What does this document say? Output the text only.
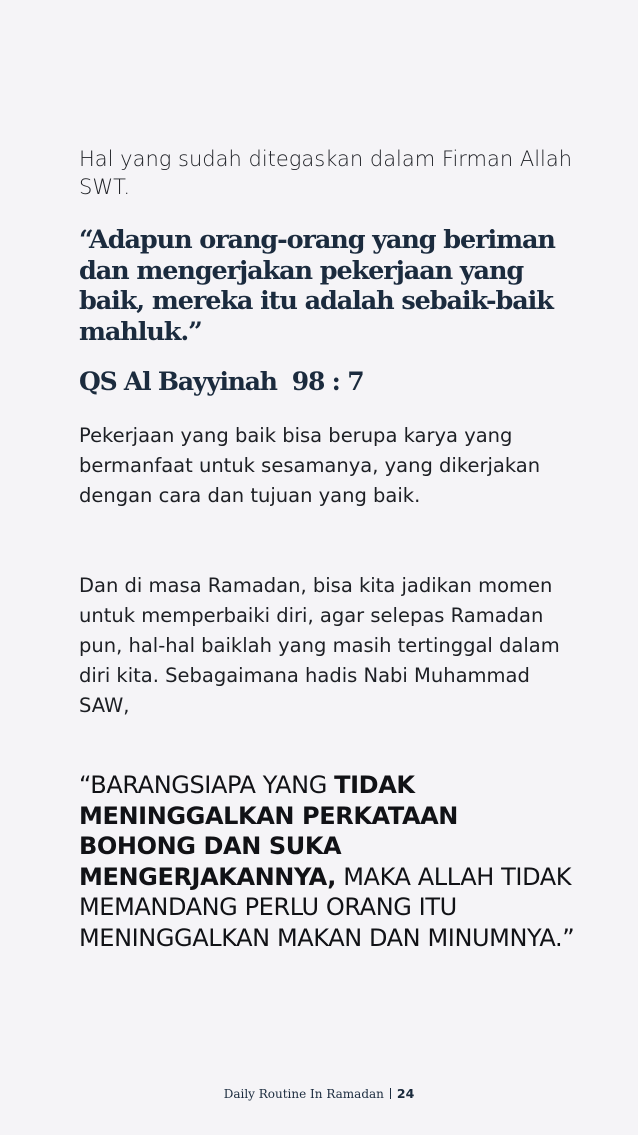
Hal yang sudah ditegaskan dalam Firman Allah SWT.

“Adapun orang-orang yang beriman dan mengerjakan pekerjaan yang baik, mereka itu adalah sebaik-baik mahluk.”

QS Al Bayyinah  98 : 7

Pekerjaan yang baik bisa berupa karya yang bermanfaat untuk sesamanya, yang dikerjakan dengan cara dan tujuan yang baik.

Dan di masa Ramadan, bisa kita jadikan momen untuk memperbaiki diri, agar selepas Ramadan pun, hal-hal baiklah yang masih tertinggal dalam diri kita. Sebagaimana hadis Nabi Muhammad SAW,

“BARANGSIAPA YANG TIDAK MENINGGALKAN PERKATAAN BOHONG DAN SUKA MENGERJAKANNYA, MAKA ALLAH TIDAK MEMANDANG PERLU ORANG ITU MENINGGALKAN MAKAN DAN MINUMNYA.”

Daily Routine In Ramadan 24
